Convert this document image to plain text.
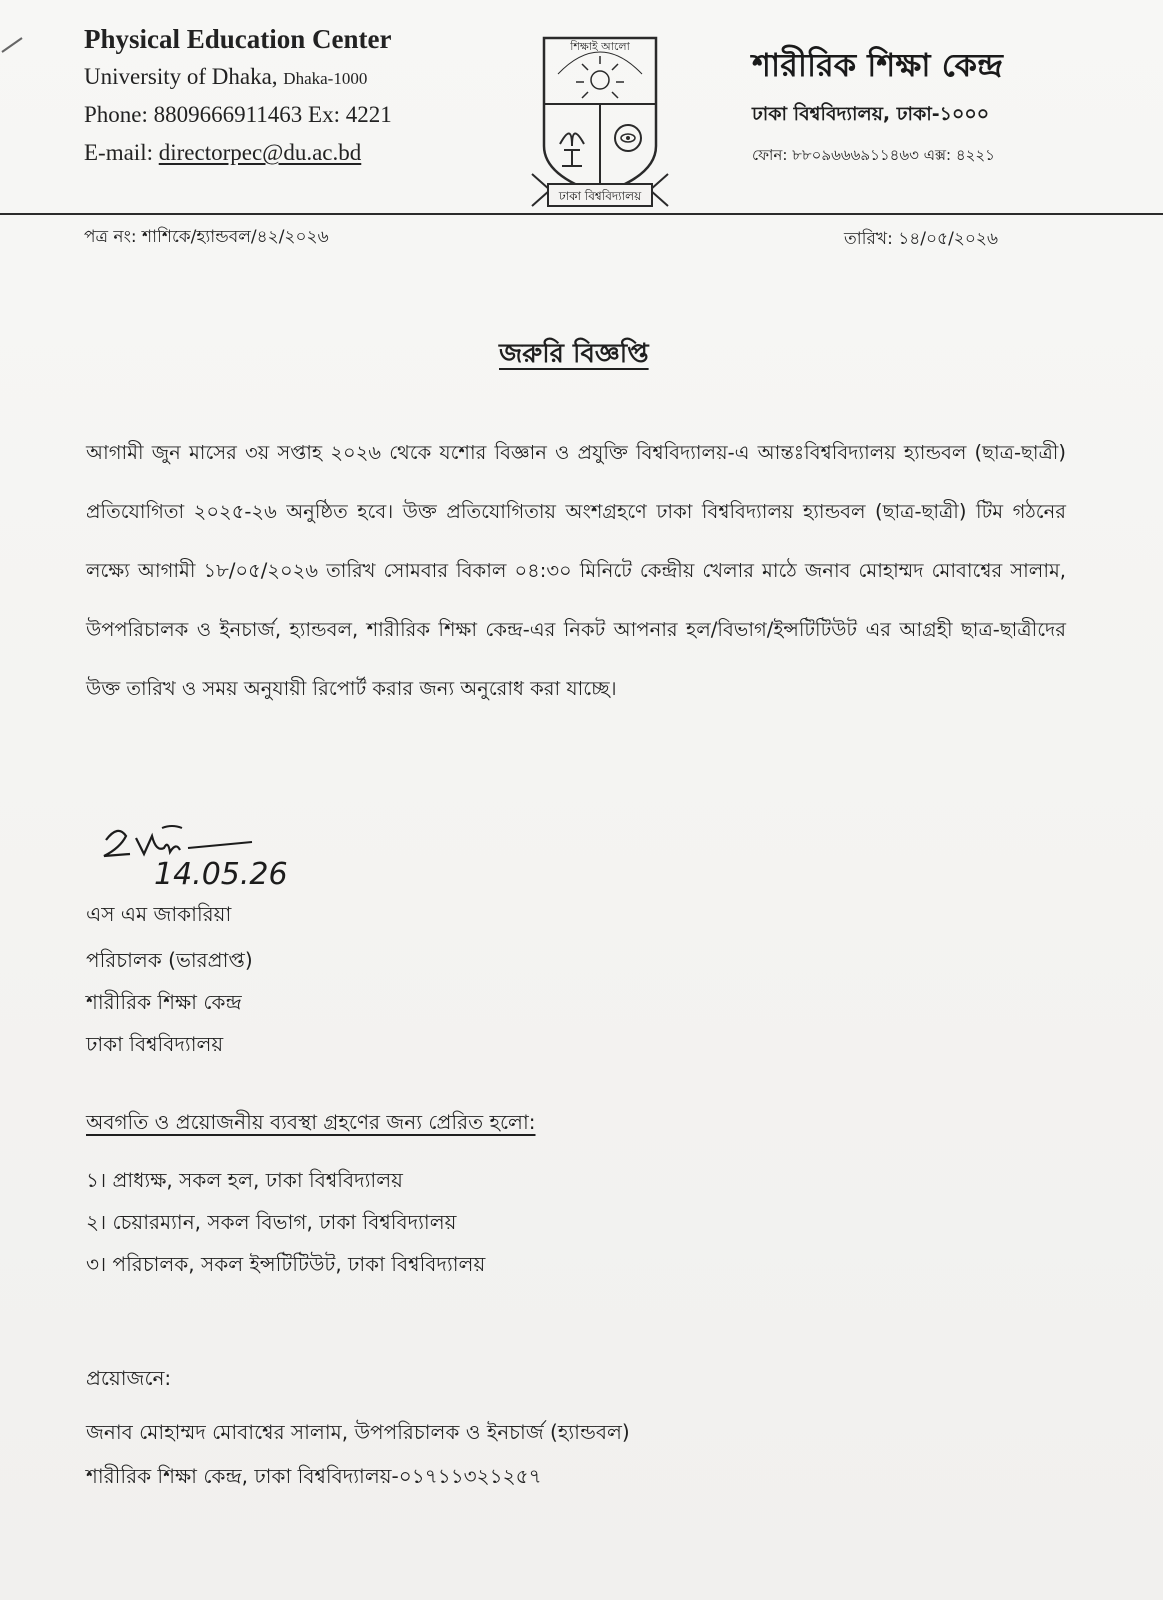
Physical Education Center
University of Dhaka, Dhaka-1000
Phone: 8809666911463 Ex: 4221
E-mail: directorpec@du.ac.bd
শিক্ষাই আলো
ঢাকা বিশ্ববিদ্যালয়
শারীরিক শিক্ষা কেন্দ্র
ঢাকা বিশ্ববিদ্যালয়, ঢাকা-১০০০
ফোন: ৮৮০৯৬৬৬৯১১৪৬৩ এক্স: ৪২২১
পত্র নং: শাশিকে/হ্যান্ডবল/৪২/২০২৬	তারিখ: ১৪/০৫/২০২৬
জরুরি বিজ্ঞপ্তি
আগামী জুন মাসের ৩য় সপ্তাহ ২০২৬ থেকে যশোর বিজ্ঞান ও প্রযুক্তি বিশ্ববিদ্যালয়-এ আন্তঃবিশ্ববিদ্যালয় হ্যান্ডবল (ছাত্র-ছাত্রী) প্রতিযোগিতা ২০২৫-২৬ অনুষ্ঠিত হবে। উক্ত প্রতিযোগিতায় অংশগ্রহণে ঢাকা বিশ্ববিদ্যালয় হ্যান্ডবল (ছাত্র-ছাত্রী) টিম গঠনের লক্ষ্যে আগামী ১৮/০৫/২০২৬ তারিখ সোমবার বিকাল ০৪:৩০ মিনিটে কেন্দ্রীয় খেলার মাঠে জনাব মোহাম্মদ মোবাশ্বের সালাম, উপপরিচালক ও ইনচার্জ, হ্যান্ডবল, শারীরিক শিক্ষা কেন্দ্র-এর নিকট আপনার হল/বিভাগ/ইন্সটিটিউট এর আগ্রহী ছাত্র-ছাত্রীদের উক্ত তারিখ ও সময় অনুযায়ী রিপোর্ট করার জন্য অনুরোধ করা যাচ্ছে।
14.05.26
এস এম জাকারিয়া
পরিচালক (ভারপ্রাপ্ত)
শারীরিক শিক্ষা কেন্দ্র
ঢাকা বিশ্ববিদ্যালয়
অবগতি ও প্রয়োজনীয় ব্যবস্থা গ্রহণের জন্য প্রেরিত হলো:
১। প্রাধ্যক্ষ, সকল হল, ঢাকা বিশ্ববিদ্যালয়
২। চেয়ারম্যান, সকল বিভাগ, ঢাকা বিশ্ববিদ্যালয়
৩। পরিচালক, সকল ইন্সটিটিউট, ঢাকা বিশ্ববিদ্যালয়
প্রয়োজনে:
জনাব মোহাম্মদ মোবাশ্বের সালাম, উপপরিচালক ও ইনচার্জ (হ্যান্ডবল)
শারীরিক শিক্ষা কেন্দ্র, ঢাকা বিশ্ববিদ্যালয়-০১৭১১৩২১২৫৭
